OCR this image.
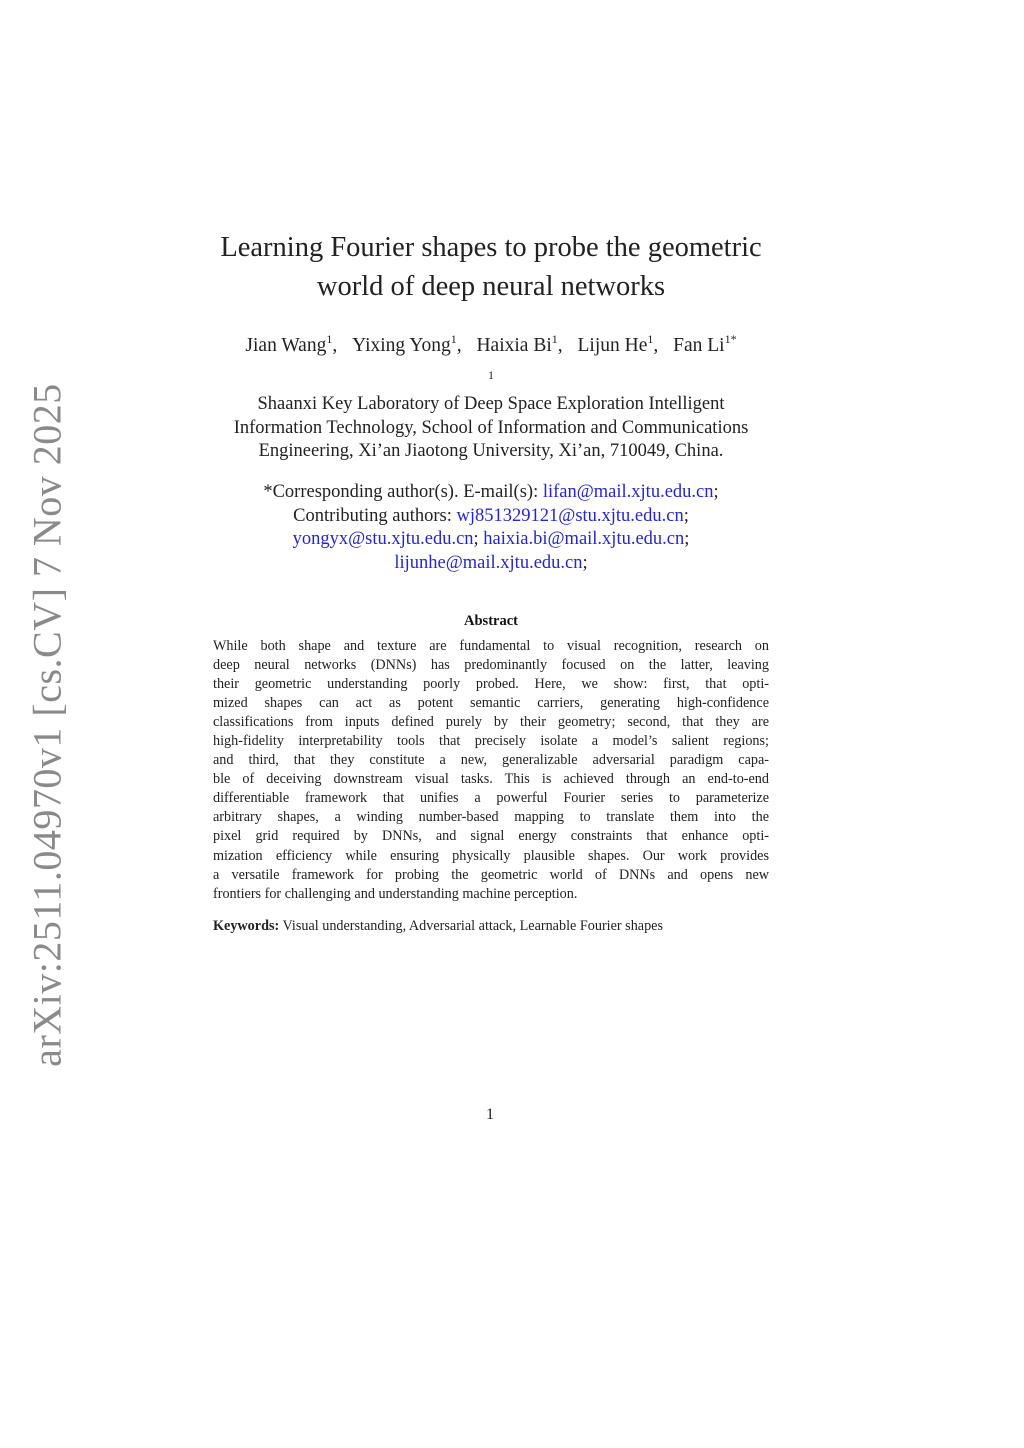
arXiv:2511.04970v1 [cs.CV] 7 Nov 2025
Learning Fourier shapes to probe the geometric
world of deep neural networks
Jian Wang$^1$, Yixing Yong$^1$, Haixia Bi$^1$, Lijun He$^1$, Fan $Li^{1*}$
$^1$
Shaanxi Key Laboratory of Deep Space Exploration Intelligent
Information Technology, School of Information and Communications
Engineering, Xi’an Jiaotong University, Xi’an, 710049, China.
*Corresponding author(s). E-mail(s): lifan@mail.xjtu.edu.cn;
Contributing authors: wj851329121@stu.xjtu.edu.cn;
yongyx@stu.xjtu.edu.cn; haixia.bi@mail.xjtu.edu.cn;
lijunhe@mail.xjtu.edu.cn;
Abstract
While both shape and texture are fundamental to visual recognition, research on
deep neural networks (DNNs) has predominantly focused on the latter, leaving
their geometric understanding poorly probed. Here, we show: first, that opti-
mized shapes can act as potent semantic carriers, generating high-confidence
classifications from inputs defined purely by their geometry; second, that they are
high-fidelity interpretability tools that precisely isolate a model’s salient regions;
and third, that they constitute a new, generalizable adversarial paradigm capa-
ble of deceiving downstream visual tasks. This is achieved through an end-to-end
differentiable framework that unifies a powerful Fourier series to parameterize
arbitrary shapes, a winding number-based mapping to translate them into the
pixel grid required by DNNs, and signal energy constraints that enhance opti-
mization efficiency while ensuring physically plausible shapes. Our work provides
a versatile framework for probing the geometric world of DNNs and opens new
frontiers for challenging and understanding machine perception.
Keywords: Visual understanding, Adversarial attack, Learnable Fourier shapes
1
